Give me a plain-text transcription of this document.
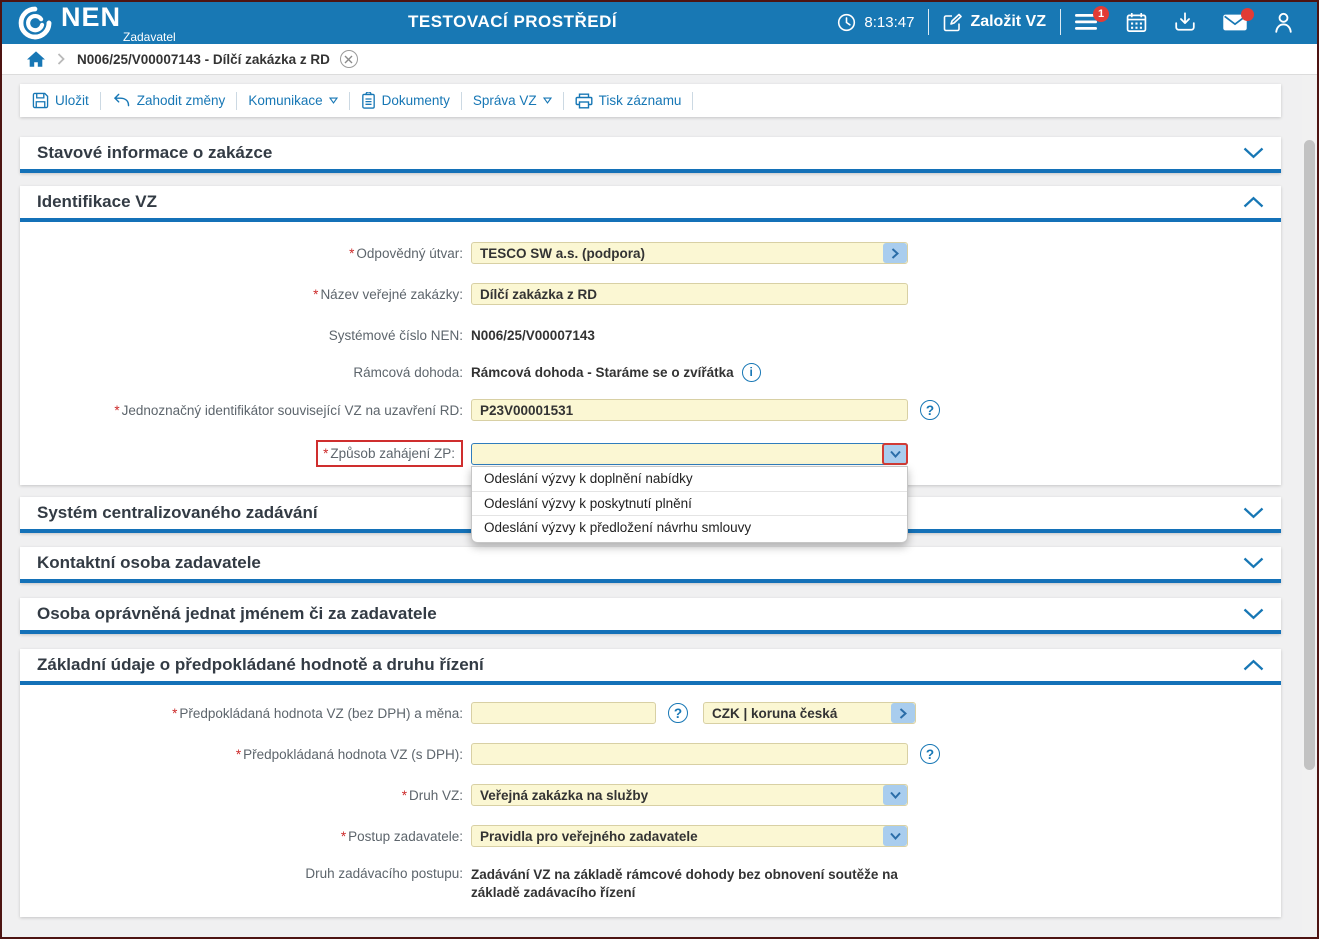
NEN
Zadavatel
TESTOVACÍ PROSTŘEDÍ	8:13:47	Založit VZ	1
N006/25/V00007143 - Dílčí zakázka z RD
Uložit	Zahodit změny Komunikace	Dokumenty Správa VZ	Tisk záznamu
Stavové informace o zakázce
Identifikace VZ
* Odpovědný útvar:
TESCO SW a.s. (podpora)
* Název veřejné zakázky:
Dílčí zakázka z RD
Systémové číslo NEN: N006/25/V00007143
Rámcová dohoda: Rámcová dohoda - Staráme se o zvířátka	i
* Jednoznačný identifikátor související VZ na uzavření RD:
P23V00001531	?
* Způsob zahájení ZP:
Odeslání výzvy k doplnění nabídky
Odeslání výzvy k poskytnutí plnění
Odeslání výzvy k předložení návrhu smlouvy
Systém centralizovaného zadávání
Kontaktní osoba zadavatele
Osoba oprávněná jednat jménem či za zadavatele
Základní údaje o předpokládané hodnotě a druhu řízení
* Předpokládaná hodnota VZ (bez DPH) a měna:	?
CZK | koruna česká
* Předpokládaná hodnota VZ (s DPH):	?
* Druh VZ:
Veřejná zakázka na služby
* Postup zadavatele:
Pravidla pro veřejného zadavatele
Druh zadávacího postupu: Zadávání VZ na základě rámcové dohody bez obnovení soutěže na základě zadávacího řízení
